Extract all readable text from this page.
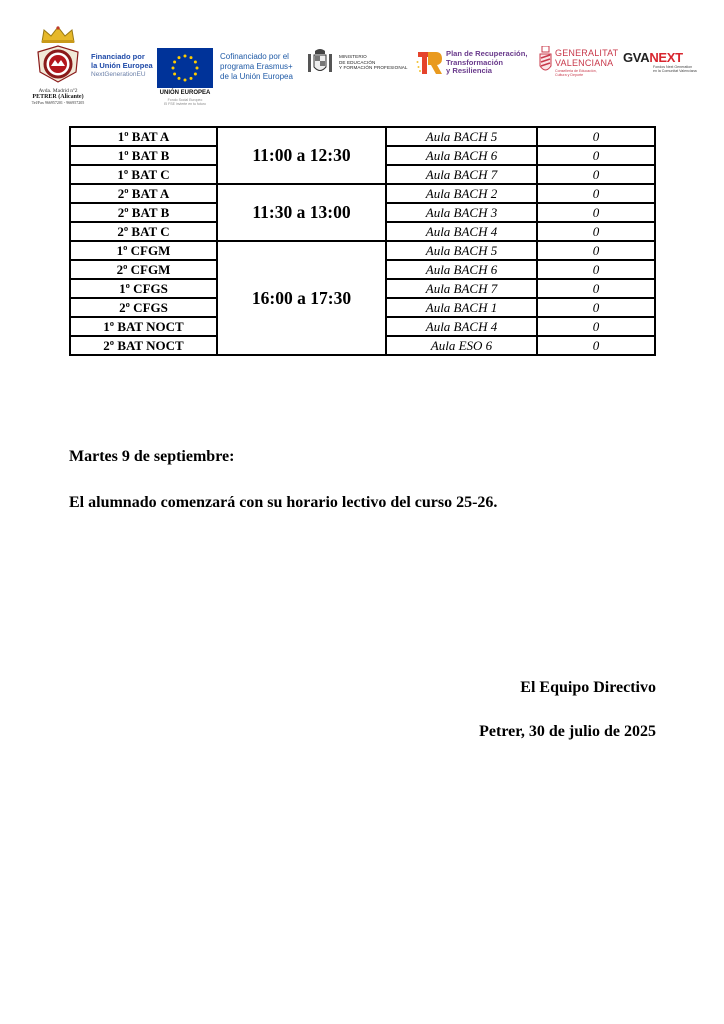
Avda. Madrid nº2
PETRER (Alicante)
Tel/Fax 966957201 - 966957205
Financiado por
la Unión Europea
NextGenerationEU
UNIÓN EUROPEA
Fondo Social Europeo
El FSE invierte en tu futuro
Cofinanciado por el
programa Erasmus+
de la Unión Europea
MINISTERIO
DE EDUCACIÓN
Y FORMACIÓN PROFESIONAL
Plan de Recuperación,
Transformación
y Resiliencia
GENERALITAT
VALENCIANA
Conselleria de Educación,
Cultura y Deporte
GVANEXT
Fondos Next Generation
en la Comunitat Valenciana
1º BAT A	11:00 a 12:30	Aula BACH 5	0
1º BAT B		Aula BACH 6	0
1º BAT C		Aula BACH 7	0
2º BAT A	11:30 a 13:00	Aula BACH 2	0
2º BAT B		Aula BACH 3	0
2º BAT C		Aula BACH 4	0
1º CFGM	16:00 a 17:30	Aula BACH 5	0
2º CFGM		Aula BACH 6	0
1º CFGS		Aula BACH 7	0
2º CFGS		Aula BACH 1	0
1º BAT NOCT		Aula BACH 4	0
2º BAT NOCT		Aula ESO 6	0
Martes 9 de septiembre:
El alumnado comenzará con su horario lectivo del curso 25-26.
El Equipo Directivo
Petrer, 30 de julio de 2025
